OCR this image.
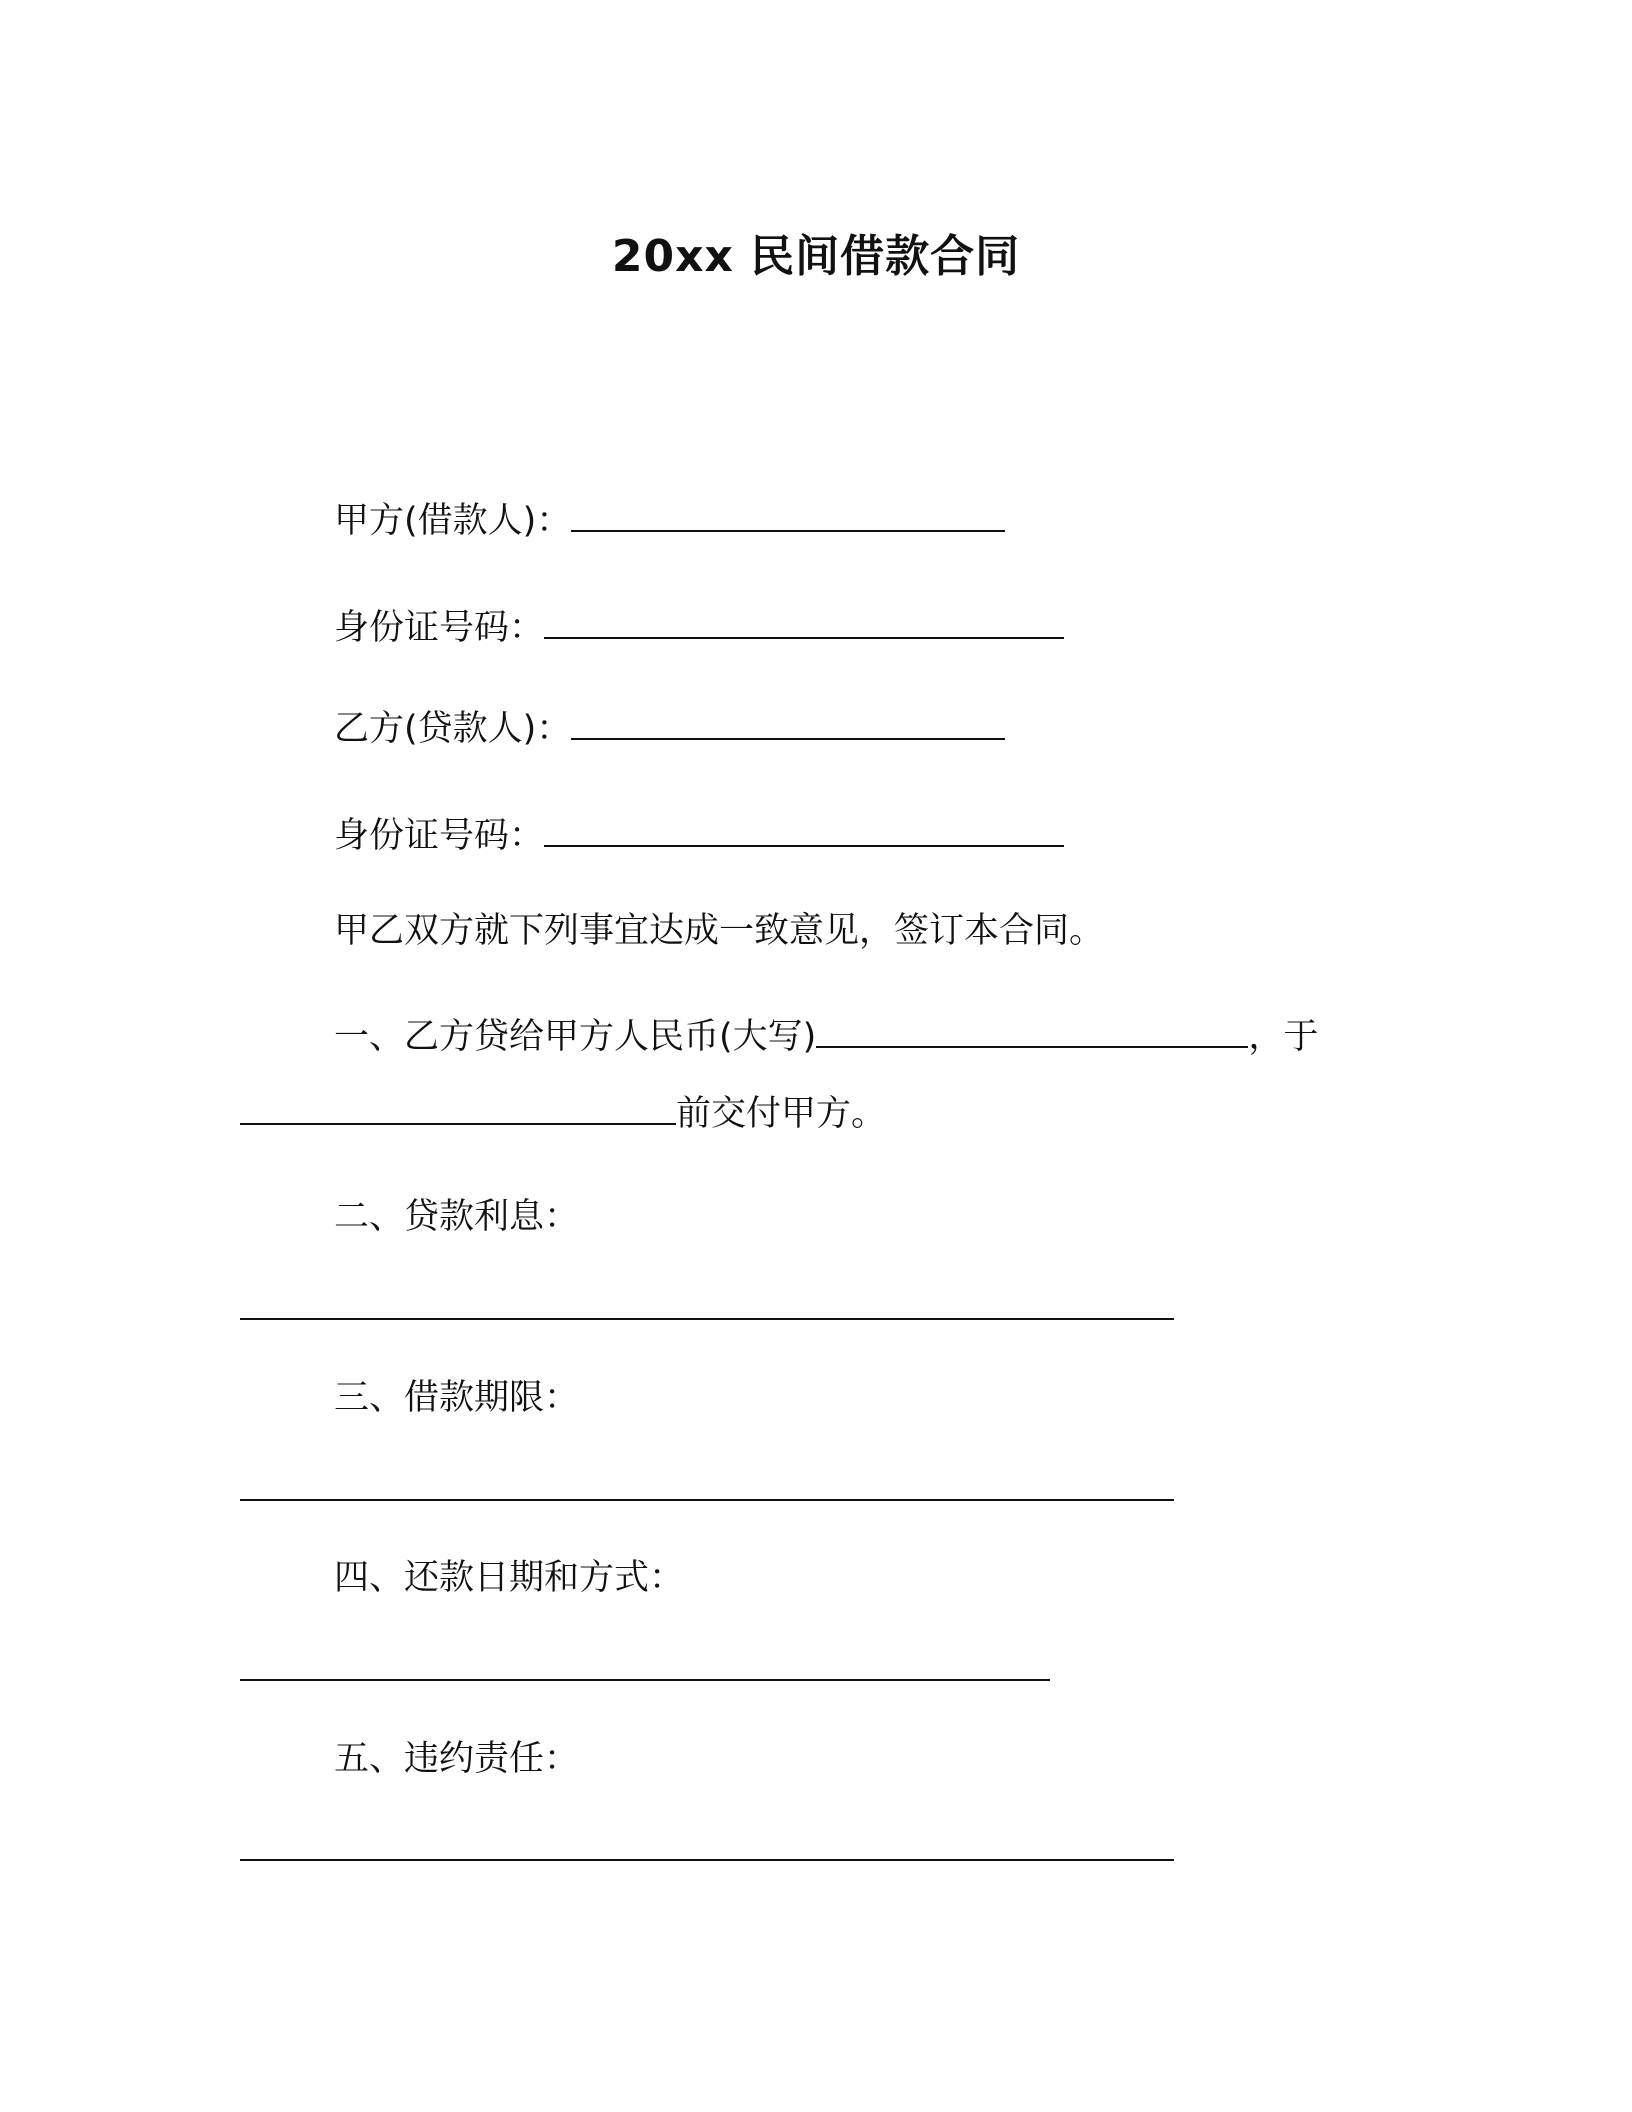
20xx 民间借款合同

甲方(借款人)：

身份证号码：

乙方(贷款人)：

身份证号码：

甲乙双方就下列事宜达成一致意见，签订本合同。

一、乙方贷给甲方人民币(大写)	，于

前交付甲方。

二、贷款利息：

三、借款期限：

四、还款日期和方式：

五、违约责任：
